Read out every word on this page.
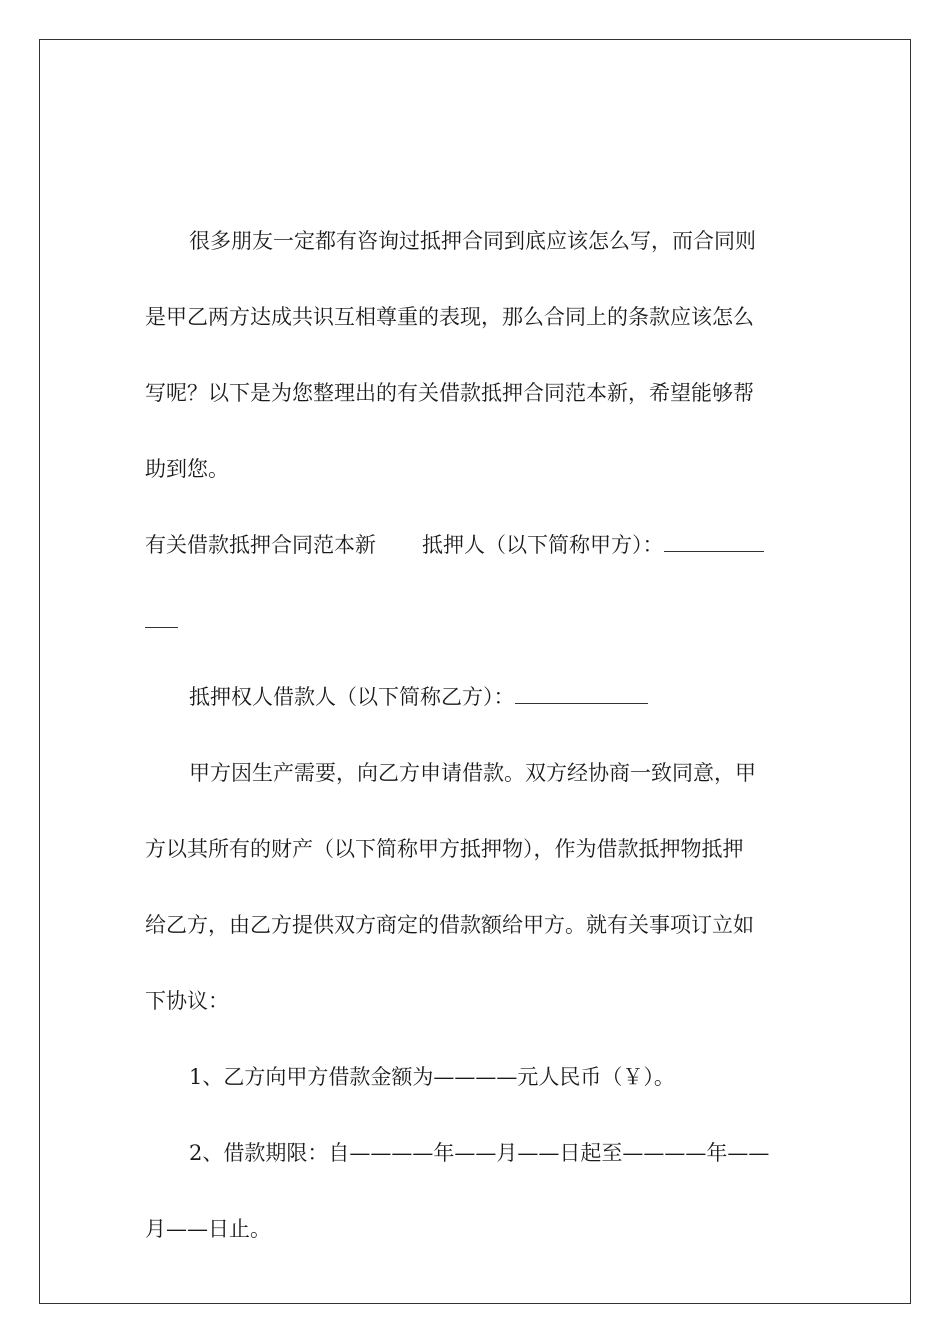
很多朋友一定都有咨询过抵押合同到底应该怎么写，而合同则

是甲乙两方达成共识互相尊重的表现，那么合同上的条款应该怎么

写呢？以下是为您整理出的有关借款抵押合同范本新，希望能够帮

助到您。

有关借款抵押合同范本新 抵押人（以下简称甲方）：

抵押权人借款人（以下简称乙方）：

甲方因生产需要，向乙方申请借款。双方经协商一致同意，甲

方以其所有的财产（以下简称甲方抵押物），作为借款抵押物抵押

给乙方，由乙方提供双方商定的借款额给甲方。就有关事项订立如

下协议：

1、乙方向甲方借款金额为————元人民币（￥）。

2、借款期限：自————年——月——日起至————年——

月——日止。
